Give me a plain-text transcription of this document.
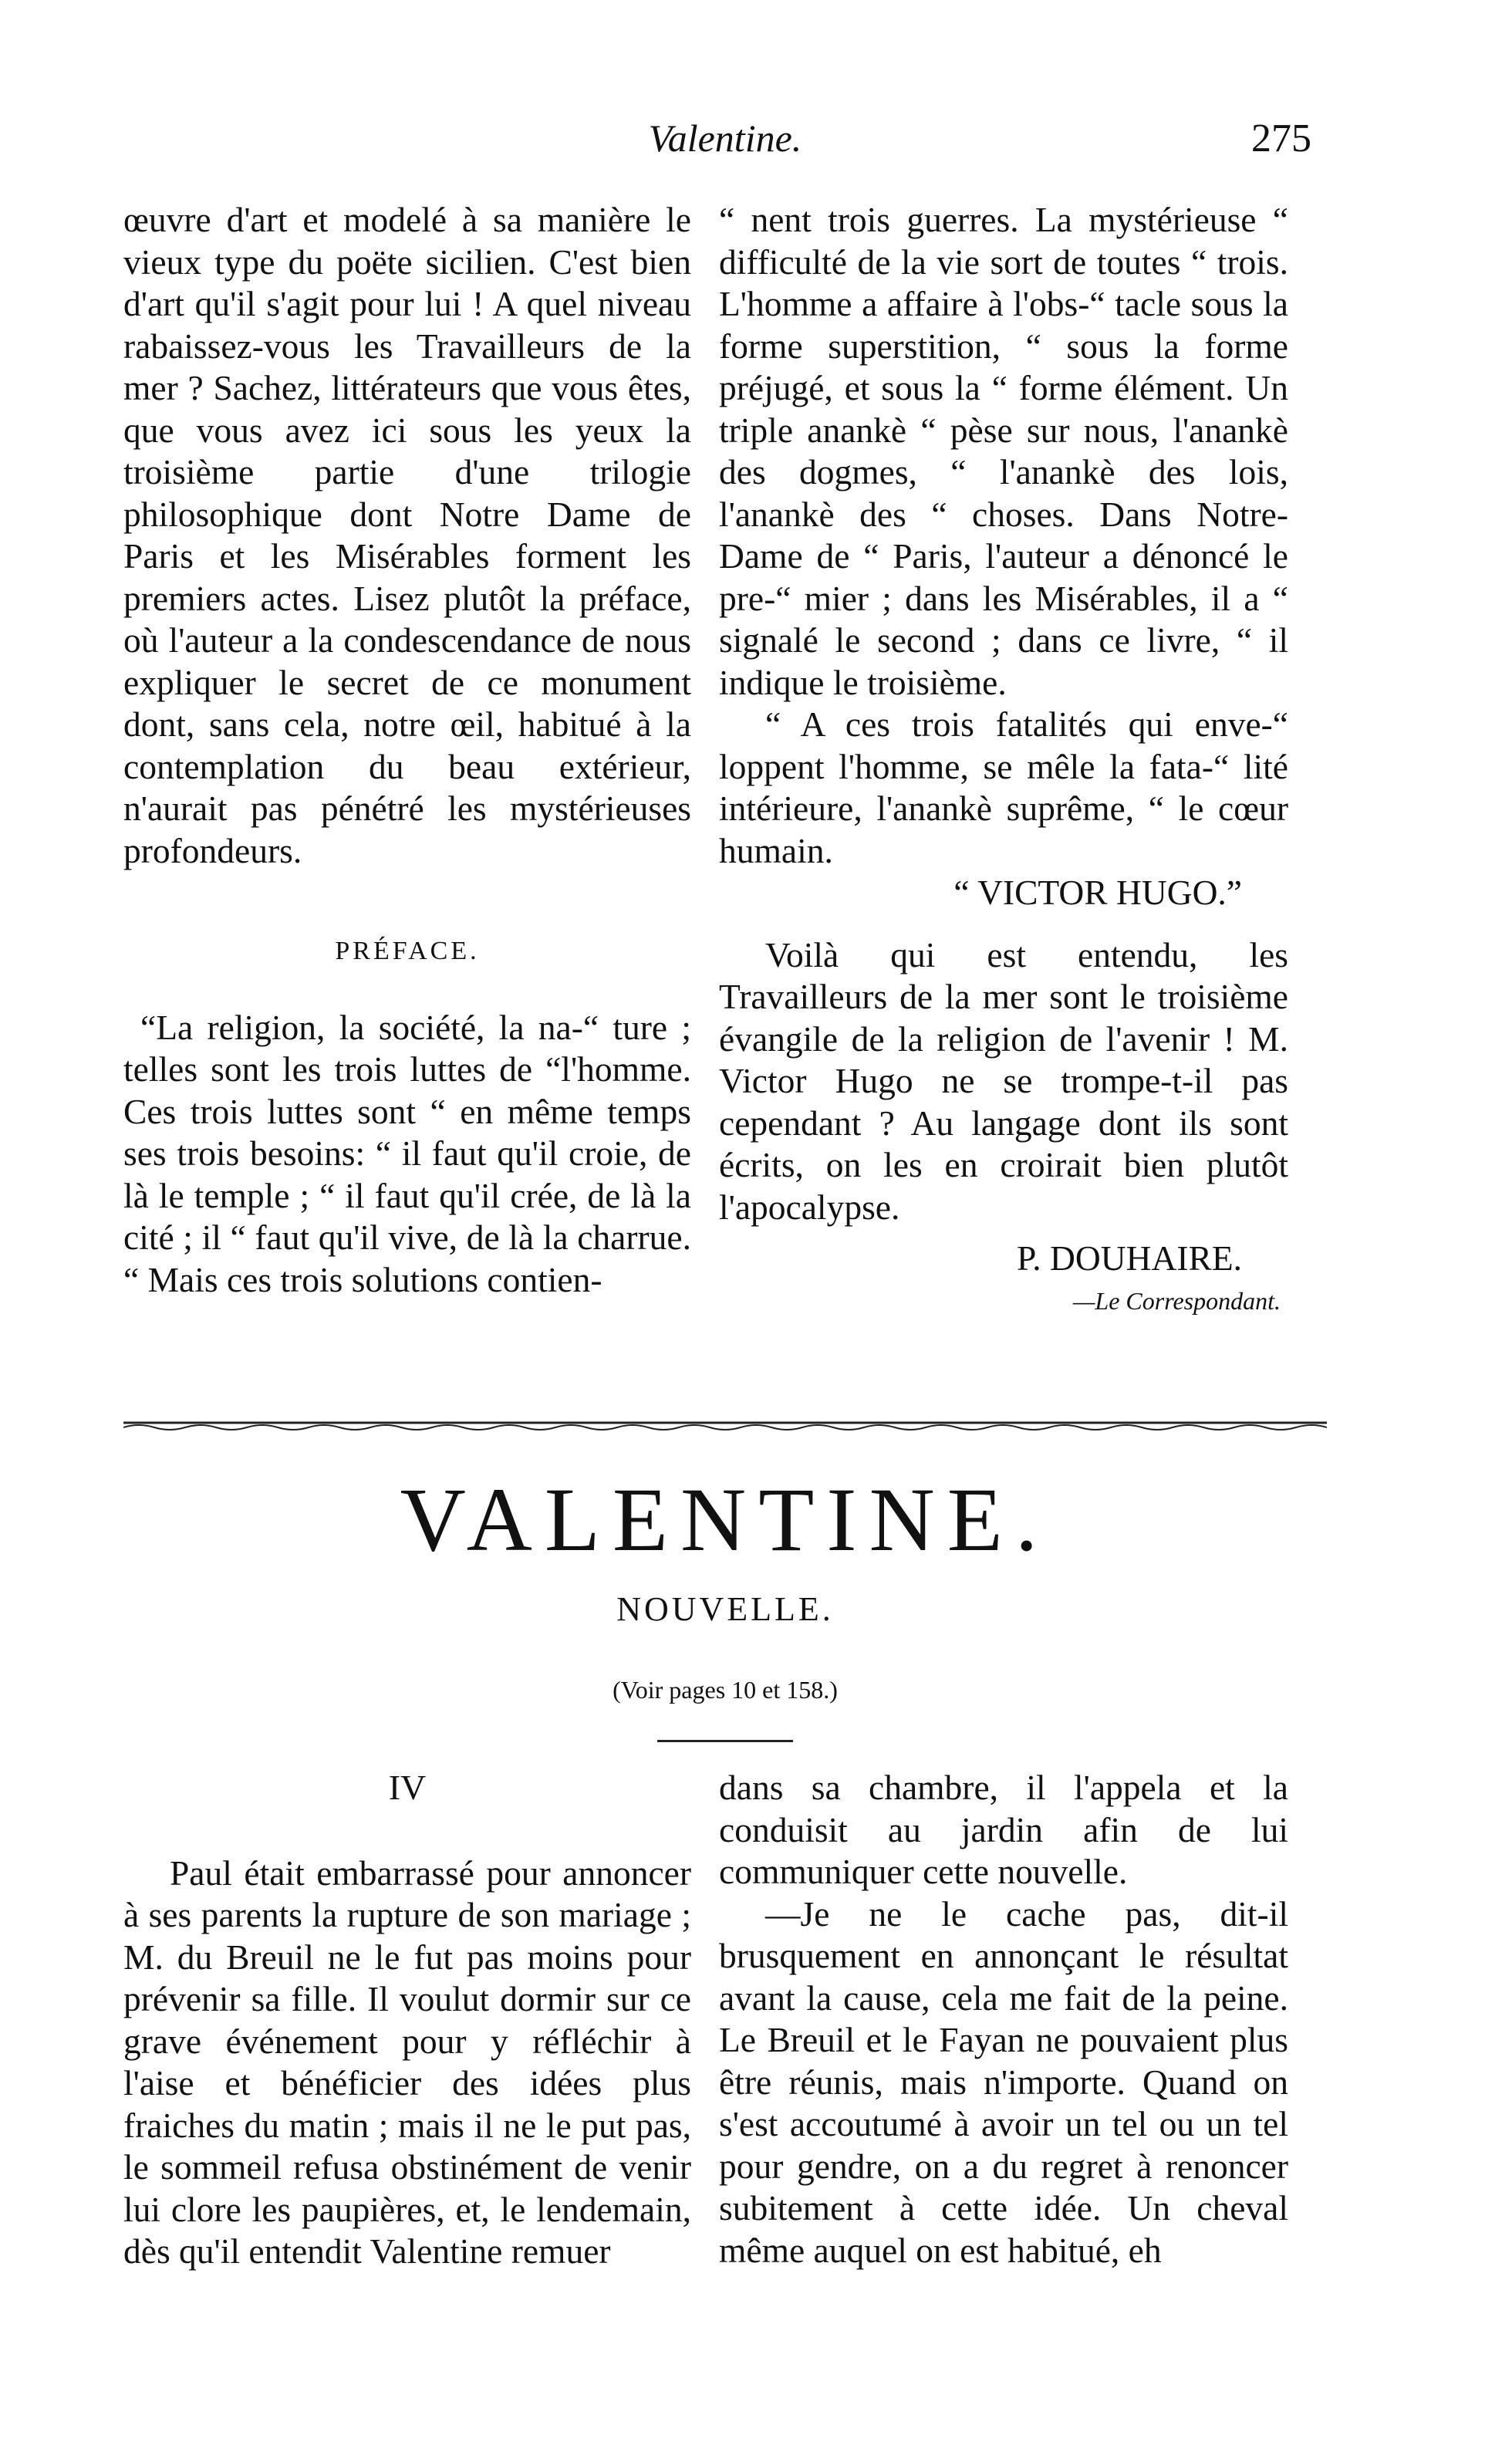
Valentine.	275

œuvre d'art et modelé à sa manière le vieux type du poëte sicilien. C'est bien d'art qu'il s'agit pour lui ! A quel niveau rabaissez-vous les Travailleurs de la mer ? Sachez, littérateurs que vous êtes, que vous avez ici sous les yeux la troisième partie d'une trilogie philosophique dont Notre Dame de Paris et les Misérables forment les premiers actes. Lisez plutôt la préface, où l'auteur a la condescendance de nous expliquer le secret de ce monument dont, sans cela, notre œil, habitué à la contemplation du beau extérieur, n'aurait pas pénétré les mystérieuses profondeurs.

PRÉFACE.

“La religion, la société, la na-“ ture ; telles sont les trois luttes de “l'homme. Ces trois luttes sont “ en même temps ses trois besoins: “ il faut qu'il croie, de là le temple ; “ il faut qu'il crée, de là la cité ; il “ faut qu'il vive, de là la charrue. “ Mais ces trois solutions contien-

“ nent trois guerres. La mystérieuse “ difficulté de la vie sort de toutes “ trois. L'homme a affaire à l'obs-“ tacle sous la forme superstition, “ sous la forme préjugé, et sous la “ forme élément. Un triple anankè “ pèse sur nous, l'anankè des dogmes, “ l'anankè des lois, l'anankè des “ choses. Dans Notre-Dame de “ Paris, l'auteur a dénoncé le pre-“ mier ; dans les Misérables, il a “ signalé le second ; dans ce livre, “ il indique le troisième.

“ A ces trois fatalités qui enve-“ loppent l'homme, se mêle la fata-“ lité intérieure, l'anankè suprême, “ le cœur humain.

“ VICTOR HUGO.”

Voilà qui est entendu, les Travailleurs de la mer sont le troisième évangile de la religion de l'avenir ! M. Victor Hugo ne se trompe-t-il pas cependant ? Au langage dont ils sont écrits, on les en croirait bien plutôt l'apocalypse.

P. DOUHAIRE.

—Le Correspondant.

VALENTINE.
NOUVELLE.
(Voir pages 10 et 158.)

IV

Paul était embarrassé pour annoncer à ses parents la rupture de son mariage ; M. du Breuil ne le fut pas moins pour prévenir sa fille. Il voulut dormir sur ce grave événement pour y réfléchir à l'aise et bénéficier des idées plus fraiches du matin ; mais il ne le put pas, le sommeil refusa obstinément de venir lui clore les paupières, et, le lendemain, dès qu'il entendit Valentine remuer

dans sa chambre, il l'appela et la conduisit au jardin afin de lui communiquer cette nouvelle.

—Je ne le cache pas, dit-il brusquement en annonçant le résultat avant la cause, cela me fait de la peine. Le Breuil et le Fayan ne pouvaient plus être réunis, mais n'importe. Quand on s'est accoutumé à avoir un tel ou un tel pour gendre, on a du regret à renoncer subitement à cette idée. Un cheval même auquel on est habitué, eh
